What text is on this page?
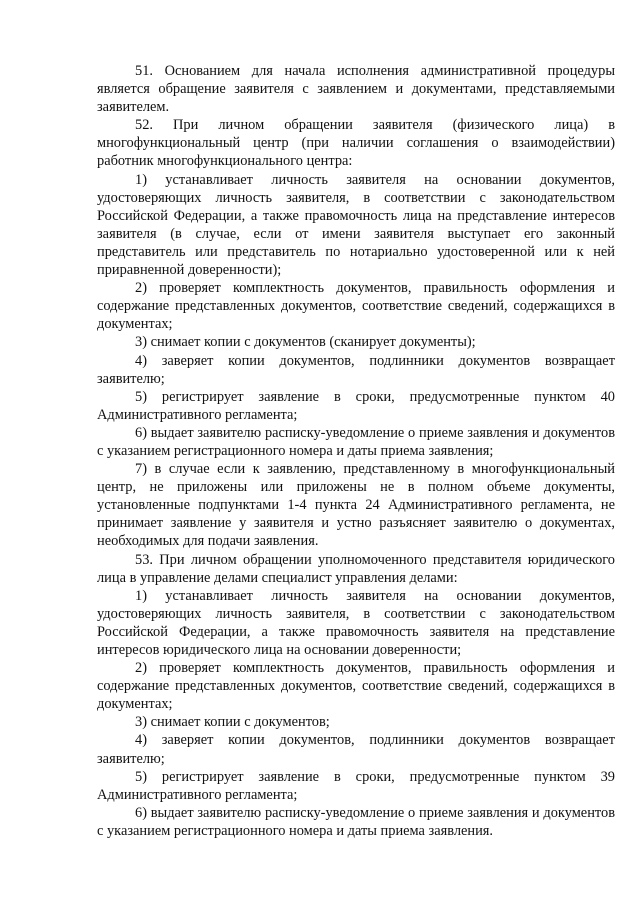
51. Основанием для начала исполнения административной процедуры является обращение заявителя с заявлением и документами, представляемыми заявителем.

52. При личном обращении заявителя (физического лица) в многофункциональный центр (при наличии соглашения о взаимодействии) работник многофункционального центра:

1) устанавливает личность заявителя на основании документов, удостоверяющих личность заявителя, в соответствии с законодательством Российской Федерации, а также правомочность лица на представление интересов заявителя (в случае, если от имени заявителя выступает его законный представитель или представитель по нотариально удостоверенной или к ней приравненной доверенности);

2) проверяет комплектность документов, правильность оформления и содержание представленных документов, соответствие сведений, содержащихся в документах;

3) снимает копии с документов (сканирует документы);

4) заверяет копии документов, подлинники документов возвращает заявителю;

5) регистрирует заявление в сроки, предусмотренные пунктом 40 Административного регламента;

6) выдает заявителю расписку-уведомление о приеме заявления и документов с указанием регистрационного номера и даты приема заявления;

7) в случае если к заявлению, представленному в многофункциональный центр, не приложены или приложены не в полном объеме документы, установленные подпунктами 1-4 пункта 24 Административного регламента, не принимает заявление у заявителя и устно разъясняет заявителю о документах, необходимых для подачи заявления.

53. При личном обращении уполномоченного представителя юридического лица в управление делами специалист управления делами:

1) устанавливает личность заявителя на основании документов, удостоверяющих личность заявителя, в соответствии с законодательством Российской Федерации, а также правомочность заявителя на представление интересов юридического лица на основании доверенности;

2) проверяет комплектность документов, правильность оформления и содержание представленных документов, соответствие сведений, содержащихся в документах;

3) снимает копии с документов;

4) заверяет копии документов, подлинники документов возвращает заявителю;

5) регистрирует заявление в сроки, предусмотренные пунктом 39 Административного регламента;

6) выдает заявителю расписку-уведомление о приеме заявления и документов с указанием регистрационного номера и даты приема заявления.
